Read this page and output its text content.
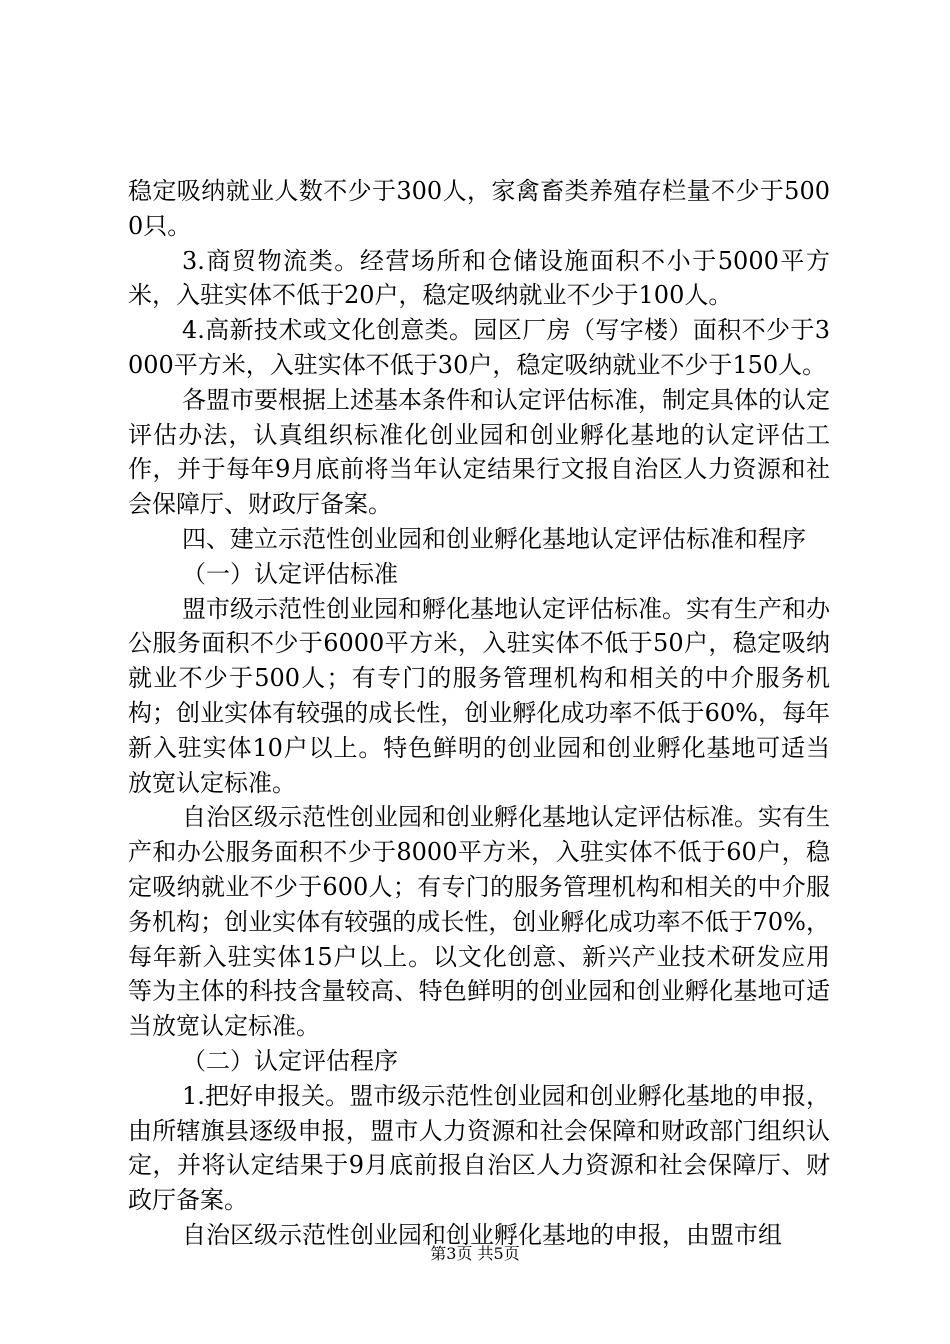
稳定吸纳就业人数不少于300人，家禽畜类养殖存栏量不少于5000只。

3.商贸物流类。经营场所和仓储设施面积不小于5000平方米，入驻实体不低于20户，稳定吸纳就业不少于100人。

4.高新技术或文化创意类。园区厂房（写字楼）面积不少于3000平方米，入驻实体不低于30户，稳定吸纳就业不少于150人。

各盟市要根据上述基本条件和认定评估标准，制定具体的认定评估办法，认真组织标准化创业园和创业孵化基地的认定评估工作，并于每年9月底前将当年认定结果行文报自治区人力资源和社会保障厅、财政厅备案。

四、建立示范性创业园和创业孵化基地认定评估标准和程序

（一）认定评估标准

盟市级示范性创业园和孵化基地认定评估标准。实有生产和办公服务面积不少于6000平方米，入驻实体不低于50户，稳定吸纳就业不少于500人；有专门的服务管理机构和相关的中介服务机构；创业实体有较强的成长性，创业孵化成功率不低于60%，每年新入驻实体10户以上。特色鲜明的创业园和创业孵化基地可适当放宽认定标准。

自治区级示范性创业园和创业孵化基地认定评估标准。实有生产和办公服务面积不少于8000平方米，入驻实体不低于60户，稳定吸纳就业不少于600人；有专门的服务管理机构和相关的中介服务机构；创业实体有较强的成长性，创业孵化成功率不低于70%，每年新入驻实体15户以上。以文化创意、新兴产业技术研发应用等为主体的科技含量较高、特色鲜明的创业园和创业孵化基地可适当放宽认定标准。

（二）认定评估程序

1.把好申报关。盟市级示范性创业园和创业孵化基地的申报，由所辖旗县逐级申报，盟市人力资源和社会保障和财政部门组织认定，并将认定结果于9月底前报自治区人力资源和社会保障厅、财政厅备案。

自治区级示范性创业园和创业孵化基地的申报，由盟市组

第3页 共5页
